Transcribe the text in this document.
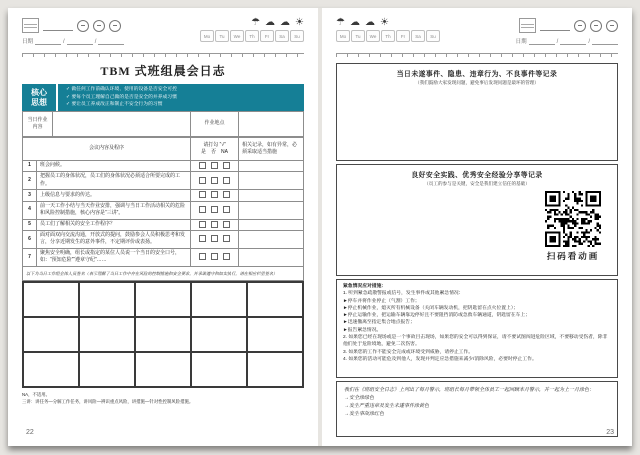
日期	/	/
☂ ☁ ☁ ☀
Mo	Tu	We	Th	Fr	Sa	Su
TBM 式班组晨会日志
核心
思想
✓ 做任何工作前确认环境、使用的设备是否安全可控
✓ 要每个员工理解自己做的是否是安全的并养成习惯
✓ 要让员工养成改正和制止不安全行为的习惯
当日作业内容		作业地点	
会议内容及程序		请打勾 “√”
是　否　NA	相关记录，如有异常，必须采取适当措施
1	班会问候。		
2	把握员工的身体状况，员工们的身体状况必须适合所要完成的工作。		
3	上级信息与要求的传达。		
4	前一天工作小结与当天作业安排，强调与当日工作活动相关的危险和风险控制措施，核心内容是“三讲”。		
5	员工们了解相关的安全工作程序？		
6	面对面双向交流沟通，开放式的提问，鼓励参会人员积极思考和发言，分享近期发生的意外事件，不定期评价或表扬。		
7	聚焦安全明确，组长或指定的某位人员说一个当日的安全口号，如：“预知危险”“遵章守纪”……		
以下为当日工作组全体人员签名（表示理解了当日工作中存在风险的控制措施和安全要求，并承诺遵守和如实执行，请在相应栏里签名）			

NA，不适用。
三讲：讲任务—分解工作任务，讲风险—辨识重点风险，讲措施—针对性控制风险措施。
22
☂ ☁ ☁ ☀
Mo	Tu	We	Th	Fr	Sa	Su
日期	/	/
当日未遂事件、隐患、违章行为、不良事件等记录
（我们鼓励大家发现问题，避免事后发现问题是最坏的管理）
良好安全实践、优秀安全经验分享等记录
（员工的参与是关键，安全是我们建立信任的基础）
扫码看动画
紧急情况应对措施：
1. 听到紧急疏散警报或信号，发生事件或其他紧急情况：
►停车并将作业停止（气割）工作；
►停止机械作业，熄灭所有机械设备（关闭车辆发动机，把钥匙留在点火位置上）；
►停止运输作业，把运输车辆靠边停好且不要阻挡消防或急救车辆通道，钥匙留在车上；
►迅速撤离至指定集合地点报告；
►报告紧急情况。
2. 如果您已经在现场或是一个事故目击现场，如果您的安全可以得到保证，请不要试图闯进危险区域，不要移动受伤者，除非他们处于危险境地，避免二次伤害。
3. 如果您的工作不能安全完成或环境受到威胁，请停止工作。
4. 如果您的活动可能危及到他人，发现并判定应急措施来减少/消除风险，必要时停止工作。
我们在《班组安全日志》上列出了每月警示，班组长每月带领全体员工一起回顾本月警示，并一起为上一月涂色：
→安全涂绿色
→发生严重违章及发生未遂事件涂黄色
→发生事故涂红色
23
